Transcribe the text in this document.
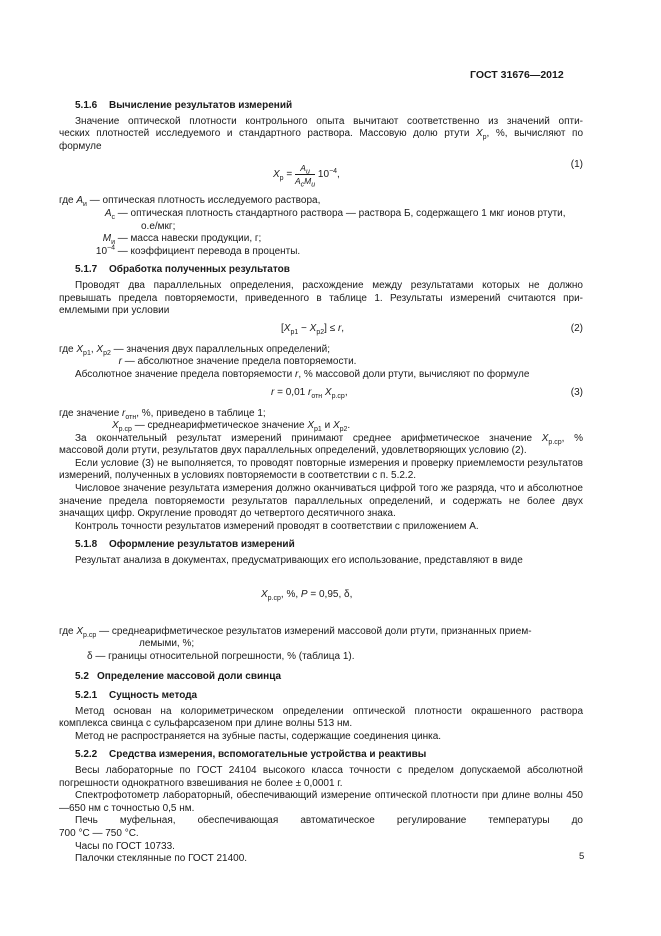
ГОСТ 31676—2012

5.1.6 Вычисление результатов измерений

Значение оптической плотности контрольного опыта вычитают соответственно из значений опти-

ческих плотностей исследуемого и стандартного раствора. Массовую долю ртути $X_р$, %, вычисляют по

формуле

$X_р = \frac{A_и}{A_сM_и} 10^{-4}$,
(1)

где $A_и$ — оптическая плотность исследуемого раствора,

$A_с$ — оптическая плотность стандартного раствора — раствора Б, содержащего 1 мкг ионов ртути,

о.е/мкг;

$M_и$ — масса навески продукции, г;

$10^{-4}$ — коэффициент перевода в проценты.

5.1.7 Обработка полученных результатов

Проводят два параллельных определения, расхождение между результатами которых не должно

превышать предела повторяемости, приведенного в таблице 1. Результаты измерений считаются при-

емлемыми при условии

$[X_{р1} - X_{р2}] \le r$,	(2)

где $X_{р1}$, $X_{р2}$ — значения двух параллельных определений;

r — абсолютное значение предела повторяемости.

Абсолютное значение предела повторяемости r, % массовой доли ртути, вычисляют по формуле

r = 0,01 $r_{отн}$ $X_{р.ср}$,	(3)

где значение $r_{отн}$, %, приведено в таблице 1;

$X_{р.ср}$ — среднеарифметическое значение $X_{р1}$ и $X_{р2}$.

За окончательный результат измерений принимают среднее арифметическое значение $X_{р.ср}$, %

массовой доли ртути, результатов двух параллельных определений, удовлетворяющих условию (2).

Если условие (3) не выполняется, то проводят повторные измерения и проверку приемлемости результатов измерений, полученных в условиях повторяемости в соответствии с п. 5.2.2.

Числовое значение результата измерения должно оканчиваться цифрой того же разряда, что и абсолютное значение предела повторяемости результатов параллельных определений, и содержать не более двух значащих цифр. Округление проводят до четвертого десятичного знака.

Контроль точности результатов измерений проводят в соответствии с приложением А.

5.1.8 Оформление результатов измерений

Результат анализа в документах, предусматривающих его использование, представляют в виде

$X_{р.ср}$, %, Р = 0,95, δ,

где $X_{р.ср}$ — среднеарифметическое результатов измерений массовой доли ртути, признанных прием-

лемыми, %;

δ — границы относительной погрешности, % (таблица 1).

5.2 Определение массовой доли свинца

5.2.1 Сущность метода

Метод основан на колориметрическом определении оптической плотности окрашенного раствора комплекса свинца с сульфарсазеном при длине волны 513 нм.

Метод не распространяется на зубные пасты, содержащие соединения цинка.

5.2.2 Средства измерения, вспомогательные устройства и реактивы

Весы лабораторные по ГОСТ 24104 высокого класса точности с пределом допускаемой абсолютной погрешности однократного взвешивания не более ± 0,0001 г.

Спектрофотометр лабораторный, обеспечивающий измерение оптической плотности при длине волны 450—650 нм с точностью 0,5 нм.

Печь муфельная, обеспечивающая автоматическое регулирование температуры до

700 °С — 750 °С.

Часы по ГОСТ 10733.

Палочки стеклянные по ГОСТ 21400.	5
